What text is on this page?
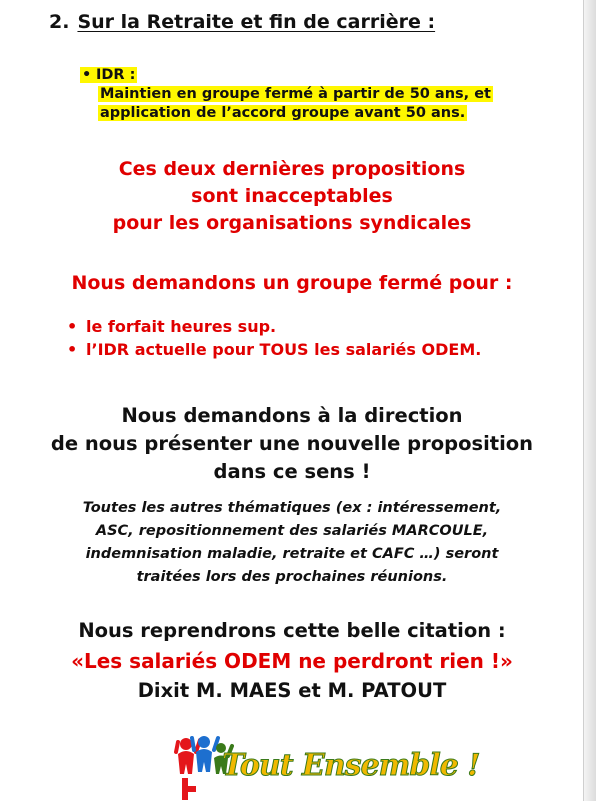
2. Sur la Retraite et fin de carrière :
• IDR :
Maintien en groupe fermé à partir de 50 ans, et
application de l’accord groupe avant 50 ans.
Ces deux dernières propositions
sont inacceptables
pour les organisations syndicales
Nous demandons un groupe fermé pour :
• le forfait heures sup.
• l’IDR actuelle pour TOUS les salariés ODEM.
Nous demandons à la direction
de nous présenter une nouvelle proposition
dans ce sens !
Toutes les autres thématiques (ex : intéressement,
ASC, repositionnement des salariés MARCOULE,
indemnisation maladie, retraite et CAFC …) seront
traitées lors des prochaines réunions.
Nous reprendrons cette belle citation :
«Les salariés ODEM ne perdront rien !»
Dixit M. MAES et M. PATOUT
Tout Ensemble !
